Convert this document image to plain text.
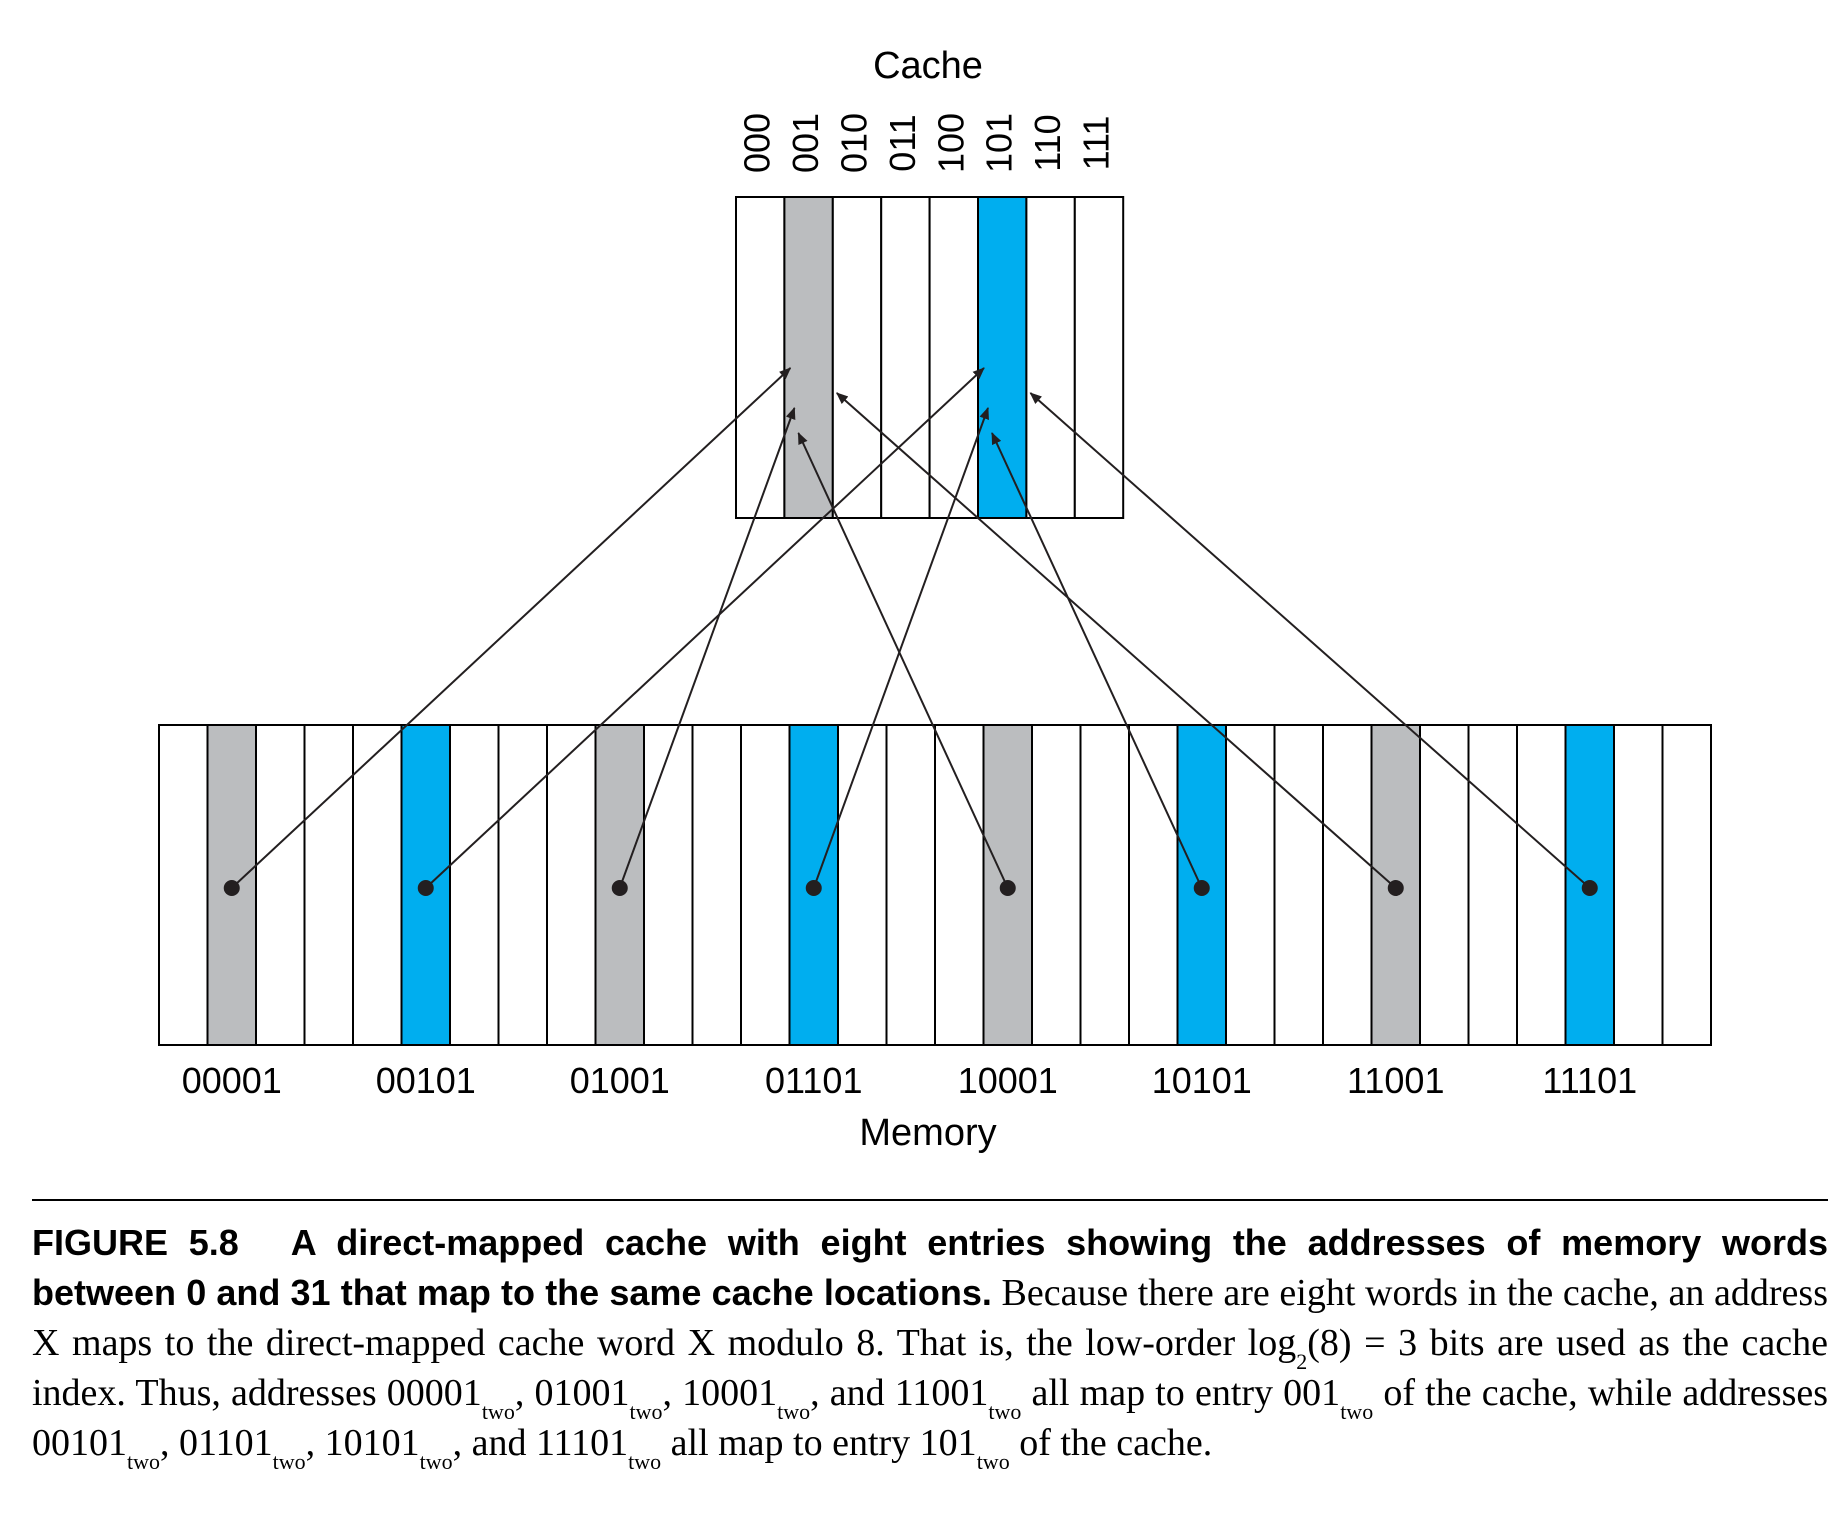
Cache
000 001 010 011 100 101 110 111
00001	00101	01001	01101	10001	10101	11001	11101
Memory
FIGURE 5.8 A direct-mapped cache with eight entries showing the addresses of memory words between 0 and 31 that map to the same cache locations. Because there are eight words in the cache, an address X maps to the direct-mapped cache word X modulo 8. That is, the low-order $\log_2(8) = 3$ bits are used as the cache index. Thus, addresses $00001_{two}$, $01001_{two}$, $10001_{two}$, and $11001_{two}$ all map to entry $001_{two}$ of the cache, while addresses $00101_{two}$, $01101_{two}$, $10101_{two}$, and $11101_{two}$ all map to entry $101_{two}$ of the cache.
